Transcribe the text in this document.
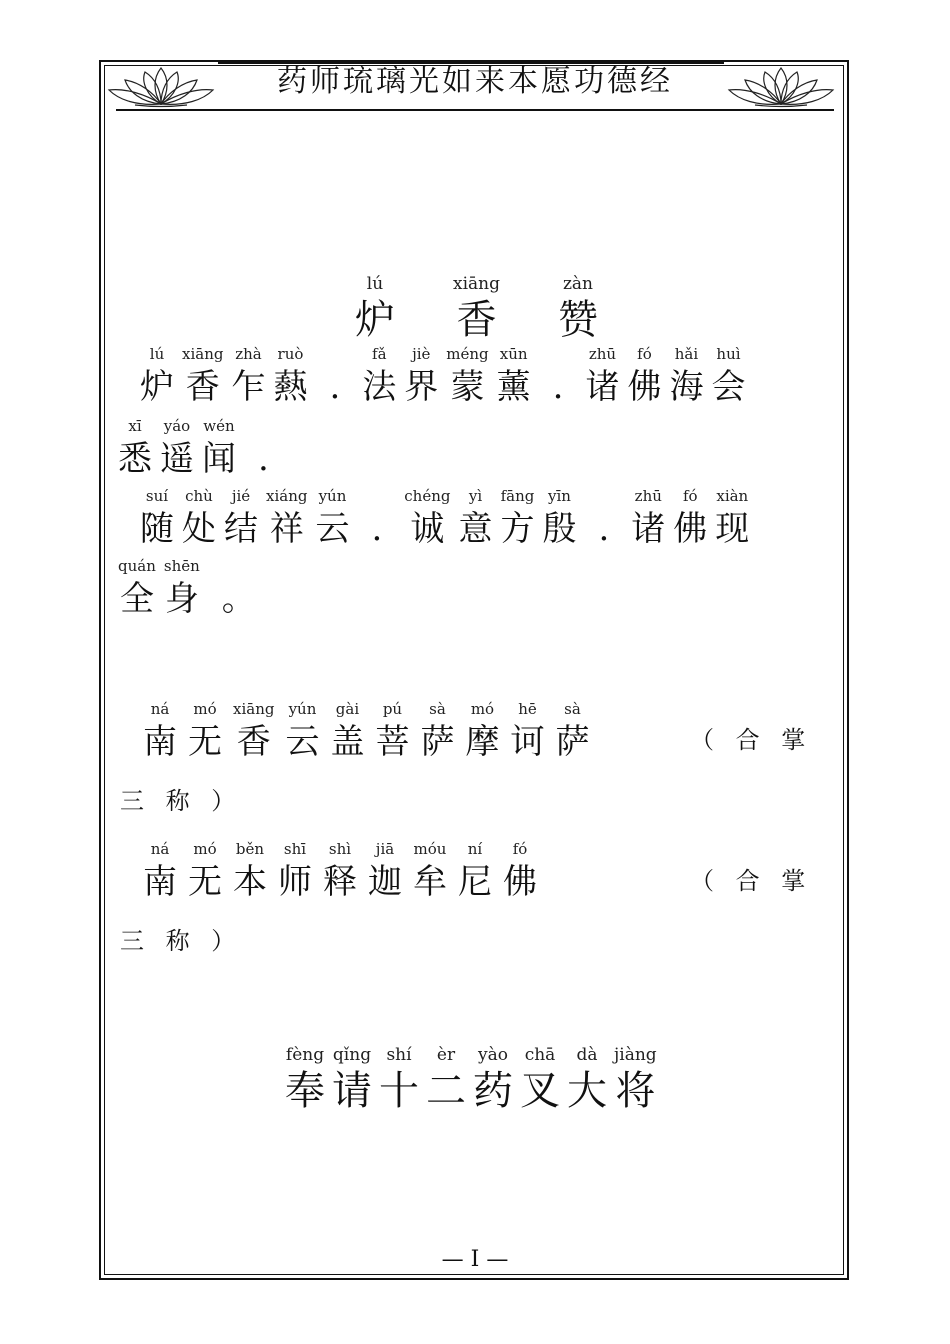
药师琉璃光如来本愿功德经
lú
炉
xiāng
香
zàn
赞
lú
炉
xiāng
香
zhà
乍
ruò
爇 .
fǎ
法
jiè
界
méng
蒙
xūn
薰 .
zhū
诸
fó
佛
hǎi
海
huì
会
xī
悉
yáo
遥
wén
闻 .
suí
随
chù
处
jié
结
xiáng
祥
yún
云 .
chéng
诚
yì
意
fāng
方
yīn
殷 .
zhū
诸
fó
佛
xiàn
现
quán
全
shēn
身 。
ná
南
mó
无
xiāng
香
yún
云
gài
盖
pú
菩
sà
萨
mó
摩
hē
诃
sà
萨	（ 合 掌
三 称 ）
ná
南
mó
无
běn
本
shī
师
shì
释
jiā
迦
móu
牟
ní
尼
fó
佛	（ 合 掌
三 称 ）
fèng
奉
qǐng
请
shí
十
èr
二
yào
药
chā
叉
dà
大
jiàng
将
— I —
